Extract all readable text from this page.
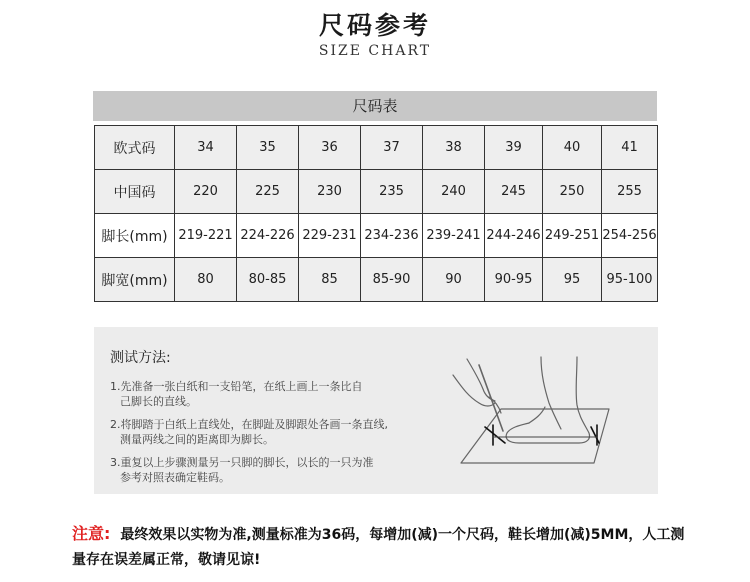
尺码参考
SIZE CHART
尺码表
欧式码	34	35	36	37	38	39	40	41
中国码	220	225	230	235	240	245	250	255
脚长(mm)	219-221	224-226	229-231	234-236	239-241	244-246	249-251	254-256
脚宽(mm)	80	80-85	85	85-90	90	90-95	95	95-100
测试方法:
1.先准备一张白纸和一支铅笔，在纸上画上一条比自
己脚长的直线。
2.将脚踏于白纸上直线处，在脚趾及脚跟处各画一条直线,
测量两线之间的距离即为脚长。
3.重复以上步骤测量另一只脚的脚长，以长的一只为准
参考对照表确定鞋码。
注意: 最终效果以实物为准,测量标准为36码，每增加(减)一个尺码，鞋长增加(减)5MM，人工测量存在误差属正常，敬请见谅!
